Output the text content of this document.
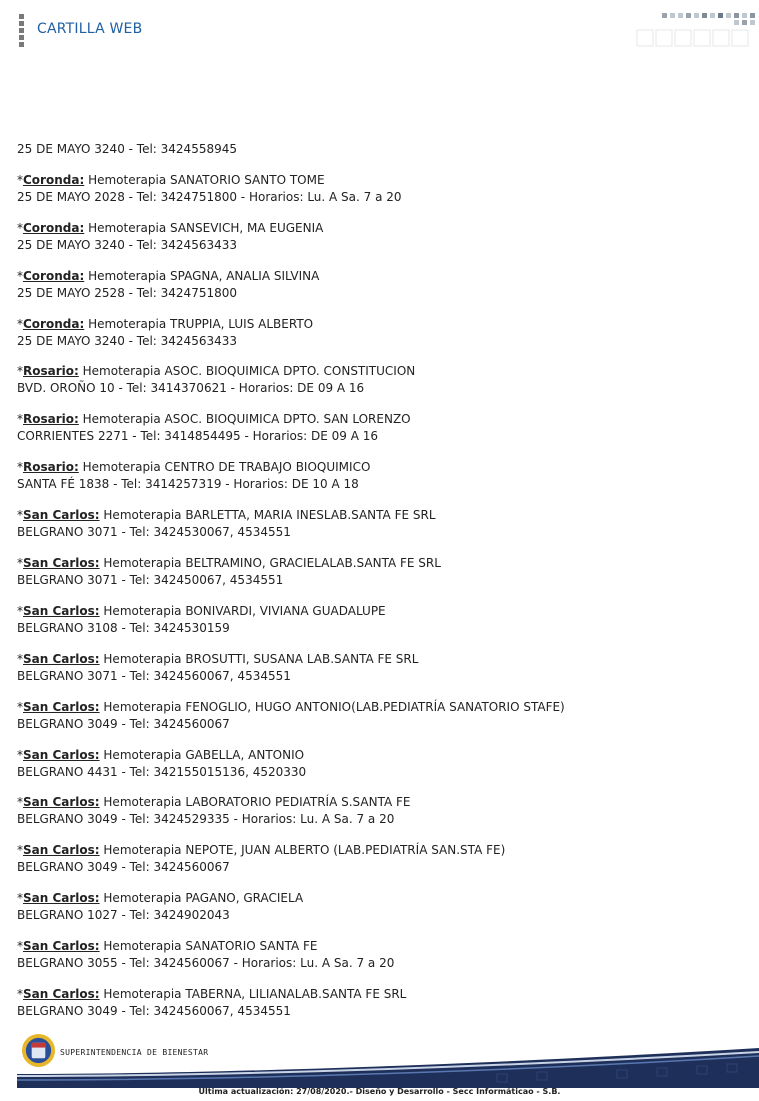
CARTILLA WEB
25 DE MAYO 3240 - Tel: 3424558945
*Coronda: Hemoterapia SANATORIO SANTO TOME
25 DE MAYO 2028 - Tel: 3424751800 - Horarios: Lu. A Sa. 7 a 20
*Coronda: Hemoterapia SANSEVICH, MA EUGENIA
25 DE MAYO 3240 - Tel: 3424563433
*Coronda: Hemoterapia SPAGNA, ANALIA SILVINA
25 DE MAYO 2528 - Tel: 3424751800
*Coronda: Hemoterapia TRUPPIA, LUIS ALBERTO
25 DE MAYO 3240 - Tel: 3424563433
*Rosario: Hemoterapia ASOC. BIOQUIMICA DPTO. CONSTITUCION
BVD. OROÑO 10 - Tel: 3414370621 - Horarios: DE 09 A 16
*Rosario: Hemoterapia ASOC. BIOQUIMICA DPTO. SAN LORENZO
CORRIENTES 2271 - Tel: 3414854495 - Horarios: DE 09 A 16
*Rosario: Hemoterapia CENTRO DE TRABAJO BIOQUIMICO
SANTA FÉ 1838 - Tel: 3414257319 - Horarios: DE 10 A 18
*San Carlos: Hemoterapia BARLETTA, MARIA INESLAB.SANTA FE SRL
BELGRANO 3071 - Tel: 3424530067, 4534551
*San Carlos: Hemoterapia BELTRAMINO, GRACIELALAB.SANTA FE SRL
BELGRANO 3071 - Tel: 342450067, 4534551
*San Carlos: Hemoterapia BONIVARDI, VIVIANA GUADALUPE
BELGRANO 3108 - Tel: 3424530159
*San Carlos: Hemoterapia BROSUTTI, SUSANA LAB.SANTA FE SRL
BELGRANO 3071 - Tel: 3424560067, 4534551
*San Carlos: Hemoterapia FENOGLIO, HUGO ANTONIO(LAB.PEDIATRÍA SANATORIO STAFE)
BELGRANO 3049 - Tel: 3424560067
*San Carlos: Hemoterapia GABELLA, ANTONIO
BELGRANO 4431 - Tel: 342155015136, 4520330
*San Carlos: Hemoterapia LABORATORIO PEDIATRÍA S.SANTA FE
BELGRANO 3049 - Tel: 3424529335 - Horarios: Lu. A Sa. 7 a 20
*San Carlos: Hemoterapia NEPOTE, JUAN ALBERTO (LAB.PEDIATRÍA SAN.STA FE)
BELGRANO 3049 - Tel: 3424560067
*San Carlos: Hemoterapia PAGANO, GRACIELA
BELGRANO 1027 - Tel: 3424902043
*San Carlos: Hemoterapia SANATORIO SANTA FE
BELGRANO 3055 - Tel: 3424560067 - Horarios: Lu. A Sa. 7 a 20
*San Carlos: Hemoterapia TABERNA, LILIANALAB.SANTA FE SRL
BELGRANO 3049 - Tel: 3424560067, 4534551
SUPERINTENDENCIA DE BIENESTAR
Última actualización: 27/08/2020.- Diseño y Desarrollo - Secc Informáticao - S.B.
